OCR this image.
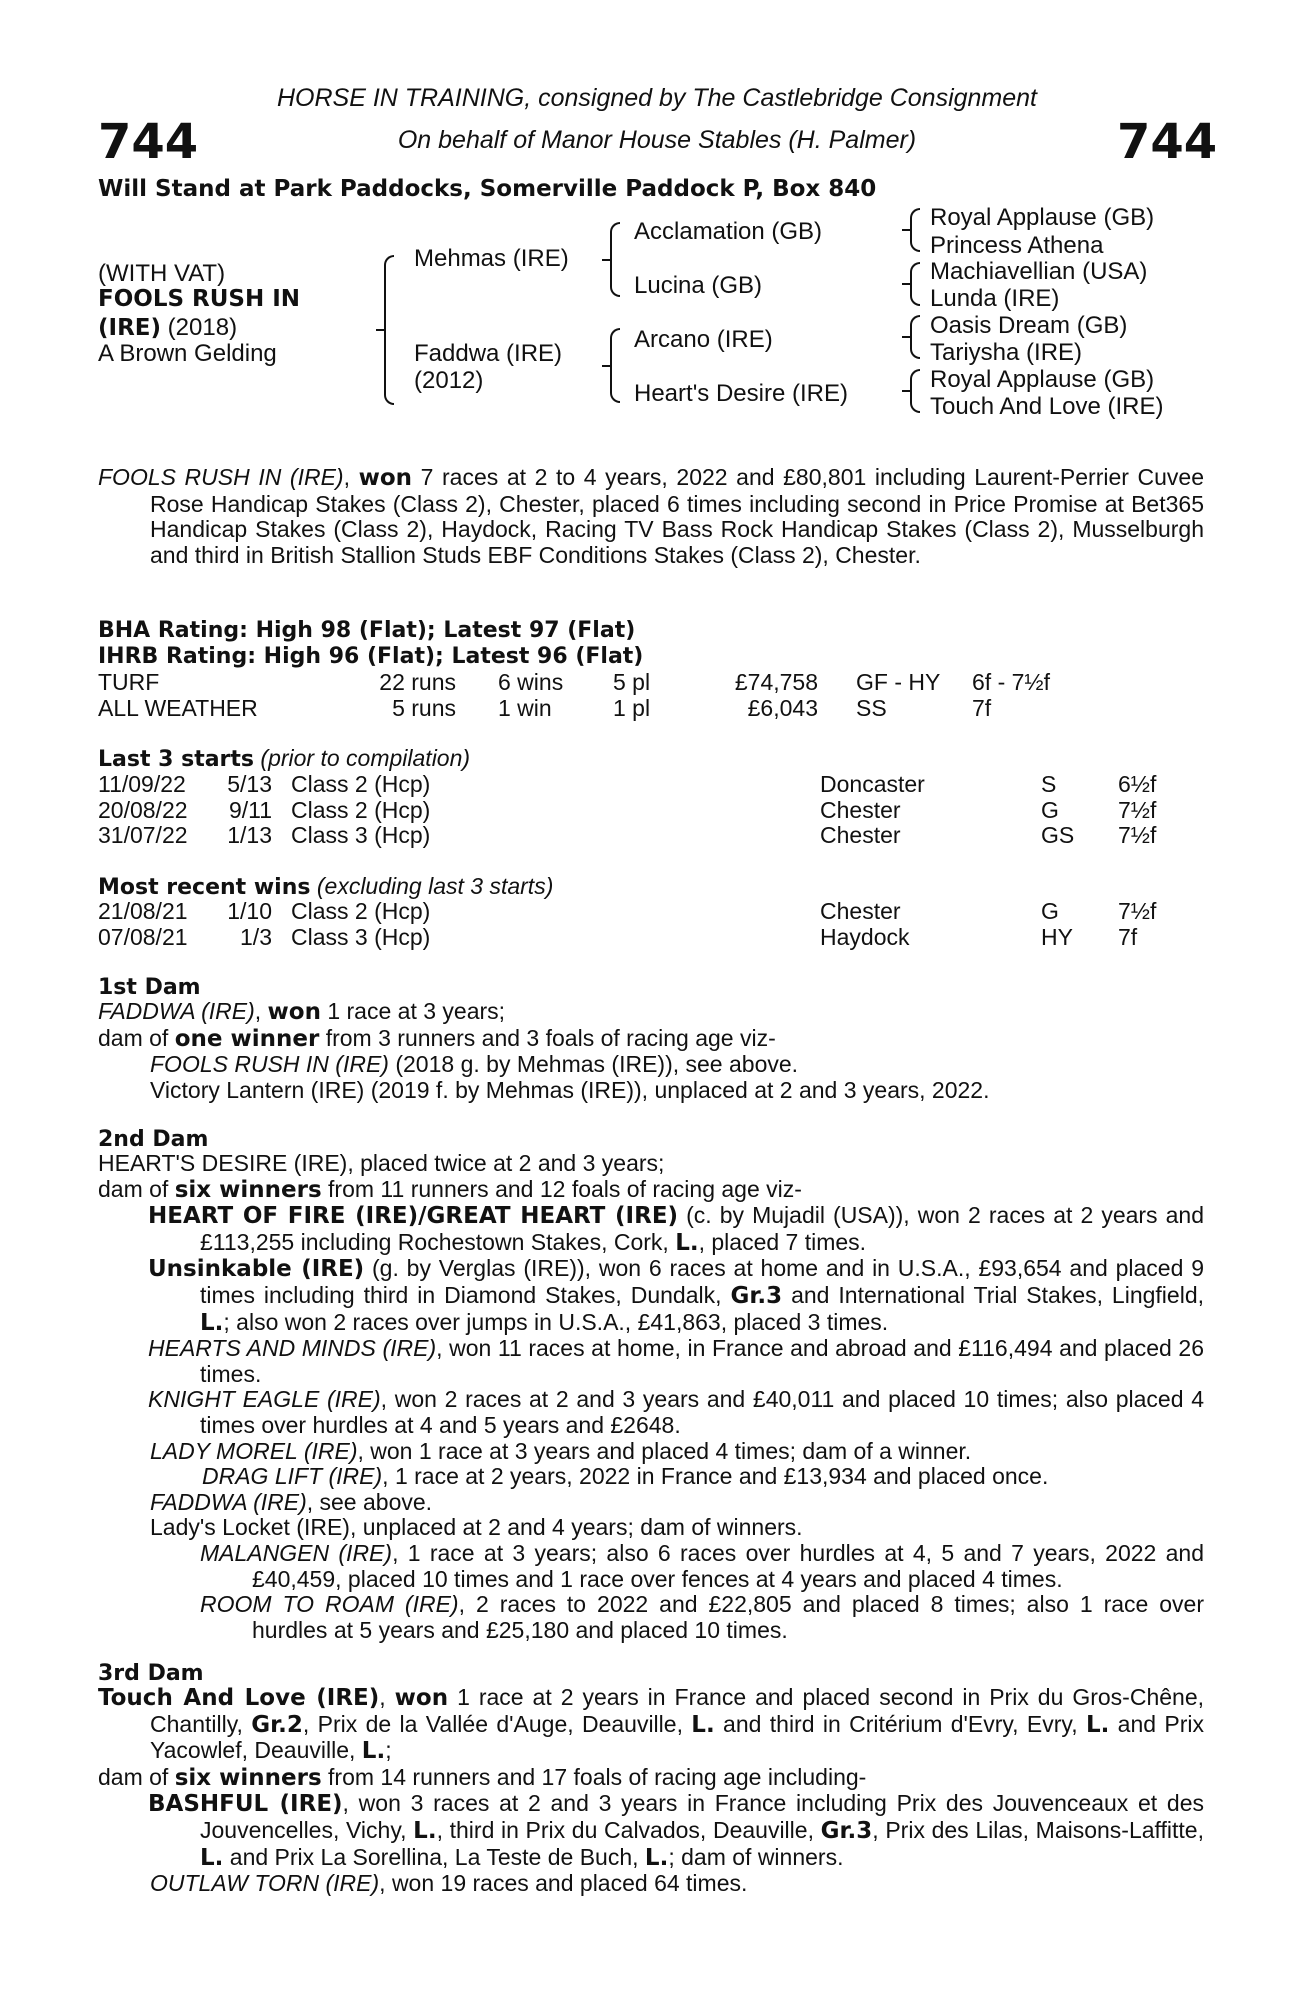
HORSE IN TRAINING, consigned by The Castlebridge Consignment
On behalf of Manor House Stables (H. Palmer)
744	744
Will Stand at Park Paddocks, Somerville Paddock P, Box 840
(WITH VAT)
FOOLS RUSH IN
(IRE) (2018)
A Brown Gelding
Mehmas (IRE)
Faddwa (IRE)
(2012)
Acclamation (GB)
Lucina (GB)
Arcano (IRE)
Heart's Desire (IRE)
Royal Applause (GB)
Princess Athena
Machiavellian (USA)
Lunda (IRE)
Oasis Dream (GB)
Tariysha (IRE)
Royal Applause (GB)
Touch And Love (IRE)
FOOLS RUSH IN (IRE), won 7 races at 2 to 4 years, 2022 and £80,801 including Laurent-Perrier Cuvee Rose Handicap Stakes (Class 2), Chester, placed 6 times including second in Price Promise at Bet365 Handicap Stakes (Class 2), Haydock, Racing TV Bass Rock Handicap Stakes (Class 2), Musselburgh and third in British Stallion Studs EBF Conditions Stakes (Class 2), Chester.
BHA Rating: High 98 (Flat); Latest 97 (Flat)
IHRB Rating: High 96 (Flat); Latest 96 (Flat)
TURF	22 runs 6 wins 5 pl	£74,758 GF - HY 6f - 7½f
ALL WEATHER	5 runs 1 win	1 pl	£6,043 SS	7f
Last 3 starts (prior to compilation)
11/09/22 5/13 Class 2 (Hcp)	Doncaster	S	6½f
20/08/22 9/11 Class 2 (Hcp)	Chester	G	7½f
31/07/22 1/13 Class 3 (Hcp)	Chester	GS 7½f
Most recent wins (excluding last 3 starts)
21/08/21 1/10 Class 2 (Hcp)	Chester	G	7½f
07/08/21 1/3 Class 3 (Hcp)	Haydock	HY 7f
1st Dam

FADDWA (IRE), won 1 race at 3 years;

dam of one winner from 3 runners and 3 foals of racing age viz-

FOOLS RUSH IN (IRE) (2018 g. by Mehmas (IRE)), see above.

Victory Lantern (IRE) (2019 f. by Mehmas (IRE)), unplaced at 2 and 3 years, 2022.

2nd Dam

HEART'S DESIRE (IRE), placed twice at 2 and 3 years;

dam of six winners from 11 runners and 12 foals of racing age viz-

HEART OF FIRE (IRE)/GREAT HEART (IRE) (c. by Mujadil (USA)), won 2 races at 2 years and £113,255 including Rochestown Stakes, Cork, L., placed 7 times.

Unsinkable (IRE) (g. by Verglas (IRE)), won 6 races at home and in U.S.A., £93,654 and placed 9 times including third in Diamond Stakes, Dundalk, Gr.3 and International Trial Stakes, Lingfield, L.; also won 2 races over jumps in U.S.A., £41,863, placed 3 times.

HEARTS AND MINDS (IRE), won 11 races at home, in France and abroad and £116,494 and placed 26 times.

KNIGHT EAGLE (IRE), won 2 races at 2 and 3 years and £40,011 and placed 10 times; also placed 4 times over hurdles at 4 and 5 years and £2648.

LADY MOREL (IRE), won 1 race at 3 years and placed 4 times; dam of a winner.

DRAG LIFT (IRE), 1 race at 2 years, 2022 in France and £13,934 and placed once.

FADDWA (IRE), see above.

Lady's Locket (IRE), unplaced at 2 and 4 years; dam of winners.

MALANGEN (IRE), 1 race at 3 years; also 6 races over hurdles at 4, 5 and 7 years, 2022 and £40,459, placed 10 times and 1 race over fences at 4 years and placed 4 times.

ROOM TO ROAM (IRE), 2 races to 2022 and £22,805 and placed 8 times; also 1 race over hurdles at 5 years and £25,180 and placed 10 times.

3rd Dam

Touch And Love (IRE), won 1 race at 2 years in France and placed second in Prix du Gros-Chêne, Chantilly, Gr.2, Prix de la Vallée d'Auge, Deauville, L. and third in Critérium d'Evry, Evry, L. and Prix Yacowlef, Deauville, L.;

dam of six winners from 14 runners and 17 foals of racing age including-

BASHFUL (IRE), won 3 races at 2 and 3 years in France including Prix des Jouvenceaux et des Jouvencelles, Vichy, L., third in Prix du Calvados, Deauville, Gr.3, Prix des Lilas, Maisons-Laffitte, L. and Prix La Sorellina, La Teste de Buch, L.; dam of winners.

OUTLAW TORN (IRE), won 19 races and placed 64 times.
